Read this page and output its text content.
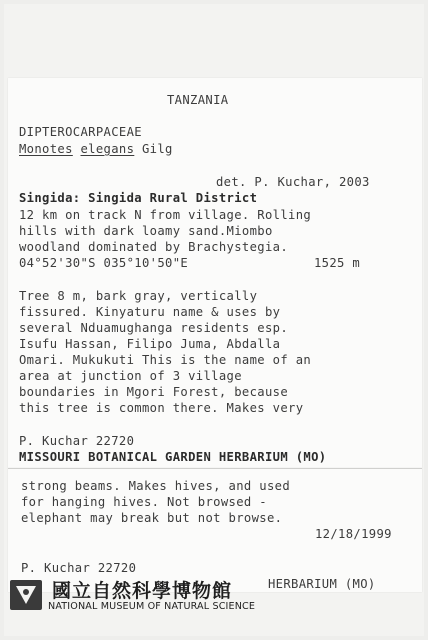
TANZANIA
DIPTEROCARPACEAE
Monotes elegans Gilg
det. P. Kuchar, 2003
Singida: Singida Rural District
12 km on track N from village. Rolling
hills with dark loamy sand.Miombo
woodland dominated by Brachystegia.
04°52'30"S 035°10'50"E	1525 m
Tree 8 m, bark gray, vertically
fissured. Kinyaturu name & uses by
several Nduamughanga residents esp.
Isufu Hassan, Filipo Juma, Abdalla
Omari. Mukukuti This is the name of an
area at junction of 3 village
boundaries in Mgori Forest, because
this tree is common there. Makes very
P. Kuchar 22720
MISSOURI BOTANICAL GARDEN HERBARIUM (MO)
strong beams. Makes hives, and used
for hanging hives. Not browsed -
elephant may break but not browse.
12/18/1999
P. Kuchar 22720
HERBARIUM (MO)
國立自然科學博物館
NATIONAL MUSEUM OF NATURAL SCIENCE
